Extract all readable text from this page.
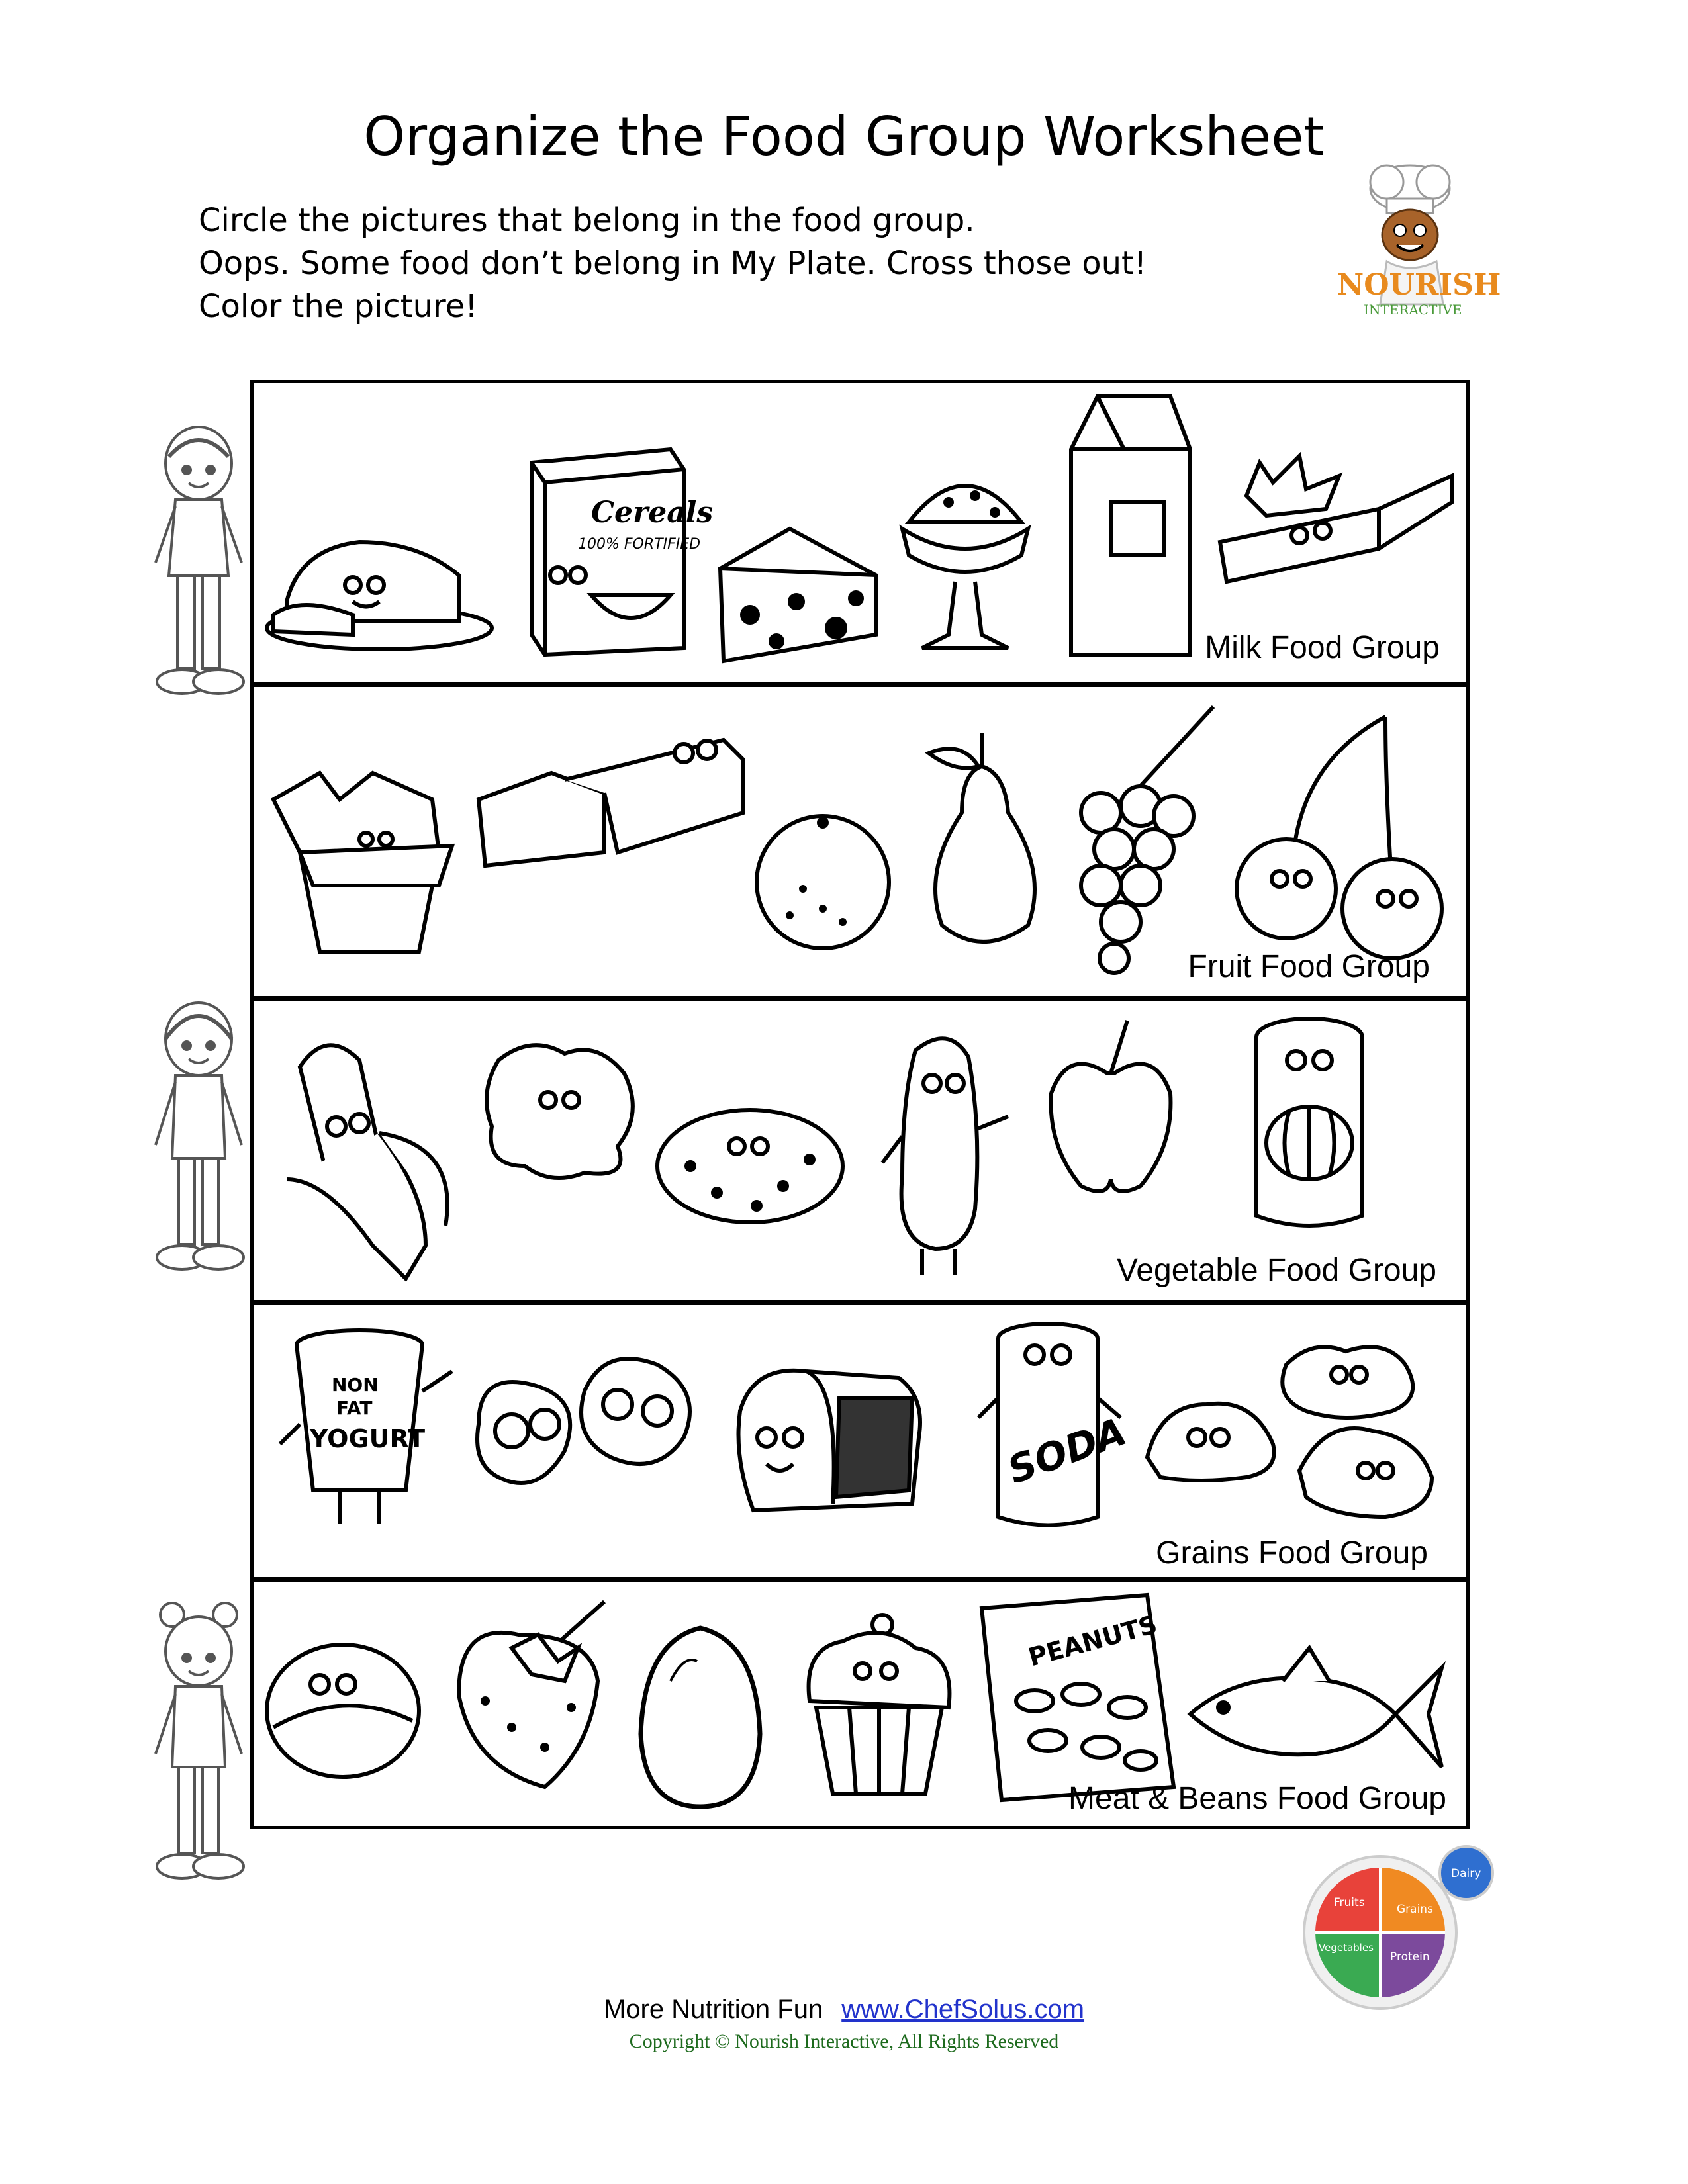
Organize the Food Group Worksheet
Circle the pictures that belong in the food group.
Oops. Some food don’t belong in My Plate. Cross those out!
Color the picture!
NOURISH
INTERACTIVE
Cereals
100% FORTIFIED
Milk Food Group
Fruit Food Group
Vegetable Food Group
NON
FAT
YOGURT	SODA
Grains Food Group
PEANUTS
Meat & Beans Food Group
Fruits	Grains
Vegetables
Protein
Dairy
More Nutrition Fun www.ChefSolus.com
Copyright © Nourish Interactive, All Rights Reserved
